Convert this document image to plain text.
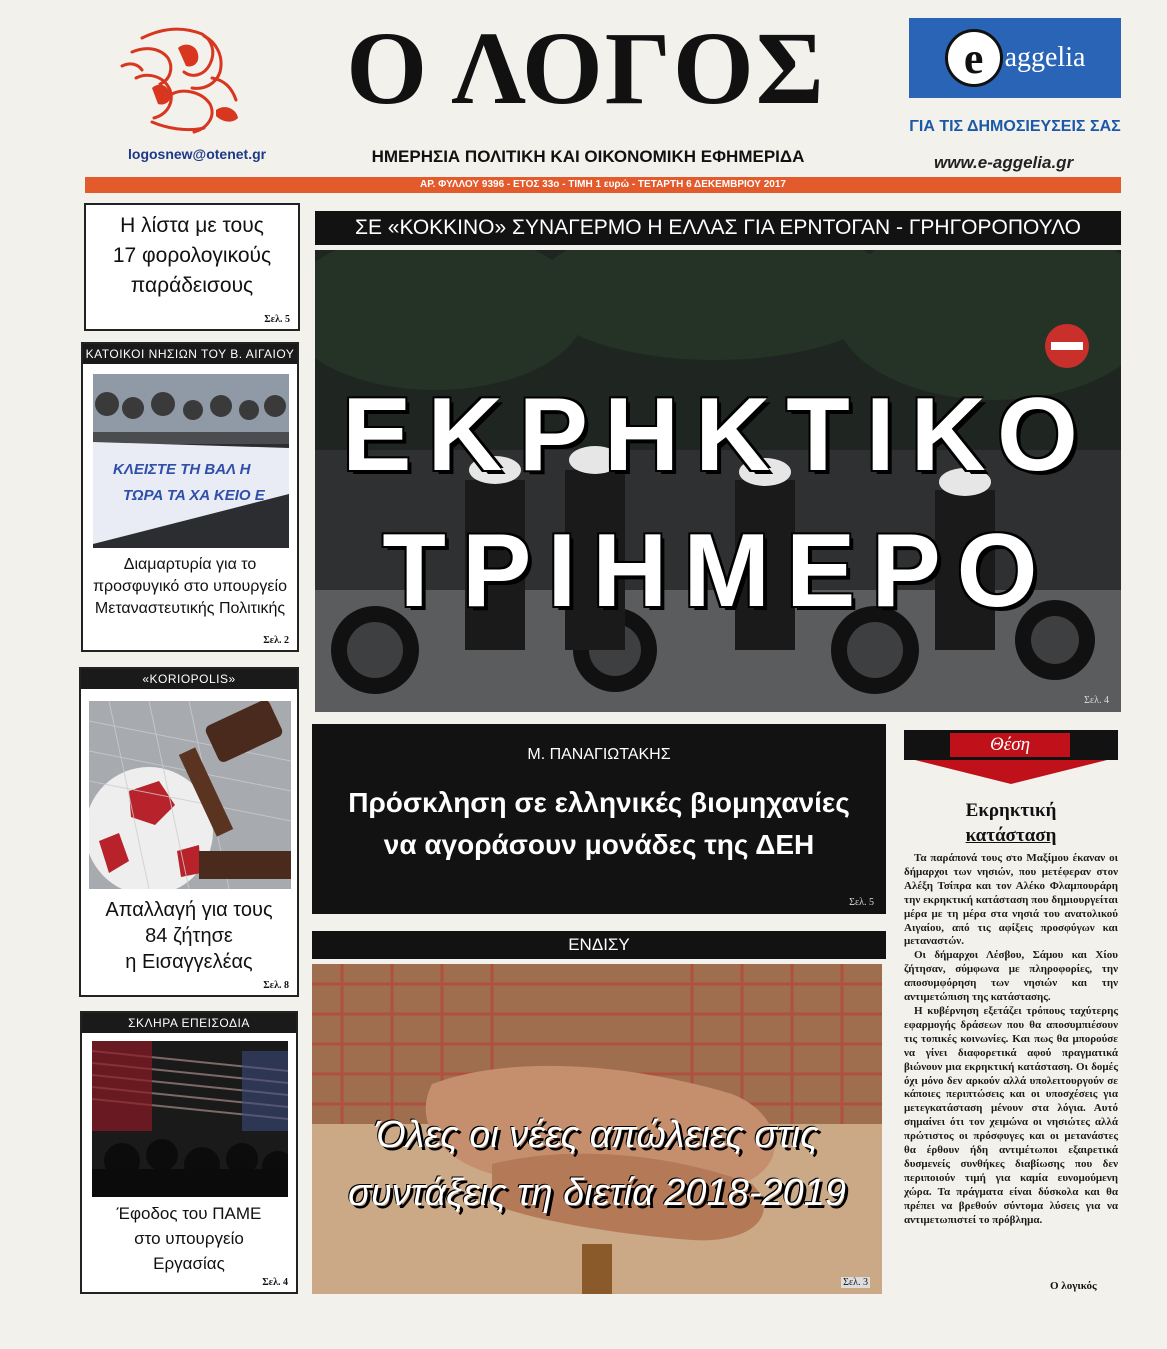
logosnew@otenet.gr
Ο ΛΟΓΟΣ
ΗΜΕΡΗΣΙΑ ΠΟΛΙΤΙΚΗ ΚΑΙ ΟΙΚΟΝΟΜΙΚΗ ΕΦΗΜΕΡΙΔΑ
e aggelia
ΓΙΑ ΤΙΣ ΔΗΜΟΣΙΕΥΣΕΙΣ ΣΑΣ
www.e-aggelia.gr
ΑΡ. ΦΥΛΛΟΥ 9396 - ΕΤΟΣ 33ο - ΤΙΜΗ 1 ευρώ - ΤΕΤΑΡΤΗ 6 ΔΕΚΕΜΒΡΙΟΥ 2017
Η λίστα με τους
17 φορολογικούς
παράδεισους
Σελ. 5
ΚΑΤΟΙΚΟΙ ΝΗΣΙΩΝ ΤΟΥ Β. ΑΙΓΑΙΟΥ
ΚΛΕΙΣΤΕ ΤΗ ΒΑΛ Η
ΤΩΡΑ ΤΑ ΧΑ ΚΕΙΟ Ε
Διαμαρτυρία για το
προσφυγικό στο υπουργείο
Μεταναστευτικής Πολιτικής
Σελ. 2
«KORIOPOLIS»
Απαλλαγή για τους
84 ζήτησε
η Εισαγγελέας
Σελ. 8
ΣΚΛΗΡΑ ΕΠΕΙΣΟΔΙΑ
Έφοδος του ΠΑΜΕ
στο υπουργείο
Εργασίας
Σελ. 4
ΣΕ «ΚΟΚΚΙΝΟ» ΣΥΝΑΓΕΡΜΟ Η ΕΛΛΑΣ ΓΙΑ ΕΡΝΤΟΓΑΝ - ΓΡΗΓΟΡΟΠΟΥΛΟ
ΕΚΡΗΚΤΙΚΟ
ΤΡΙΗΜΕΡΟ
Σελ. 4
Μ. ΠΑΝΑΓΙΩΤΑΚΗΣ
Πρόσκληση σε ελληνικές βιομηχανίες
να αγοράσουν μονάδες της ΔΕΗ
Σελ. 5
ΕΝΔΙΣΥ
Όλες οι νέες απώλειες στις
συντάξεις τη διετία 2018-2019
Σελ. 3
Θέση
Εκρηκτική
κατάσταση

Τα παράπονά τους στο Μαξίμου έκαναν οι δήμαρχοι των νησιών, που μετέφεραν στον Αλέξη Τσίπρα και τον Αλέκο Φλαμπουράρη την εκρηκτική κατάσταση που δημιουργείται μέρα με τη μέρα στα νησιά του ανατολικού Αιγαίου, από τις αφίξεις προσφύγων και μεταναστών.

Οι δήμαρχοι Λέσβου, Σάμου και Χίου ζήτησαν, σύμφωνα με πληροφορίες, την αποσυμφόρηση των νησιών και την αντιμετώπιση της κατάστασης.

Η κυβέρνηση εξετάζει τρόπους ταχύτερης εφαρμογής δράσεων που θα αποσυμπιέσουν τις τοπικές κοινωνίες. Και πως θα μπορούσε να γίνει διαφορετικά αφού πραγματικά βιώνουν μια εκρηκτική κατάσταση. Οι δομές όχι μόνο δεν αρκούν αλλά υπολειτουργούν σε κάποιες περιπτώσεις και οι υποσχέσεις για μετεγκατάσταση μένουν στα λόγια. Αυτό σημαίνει ότι τον χειμώνα οι νησιώτες αλλά πρώτιστος οι πρόσφυγες και οι μετανάστες θα έρθουν ήδη αντιμέτωποι εξαιρετικά δυσμενείς συνθήκες διαβίωσης που δεν περιποιούν τιμή για καμία ευνομούμενη χώρα. Τα πράγματα είναι δύσκολα και θα πρέπει να βρεθούν σύντομα λύσεις για να αντιμετωπιστεί το πρόβλημα.

Ο λογικός
